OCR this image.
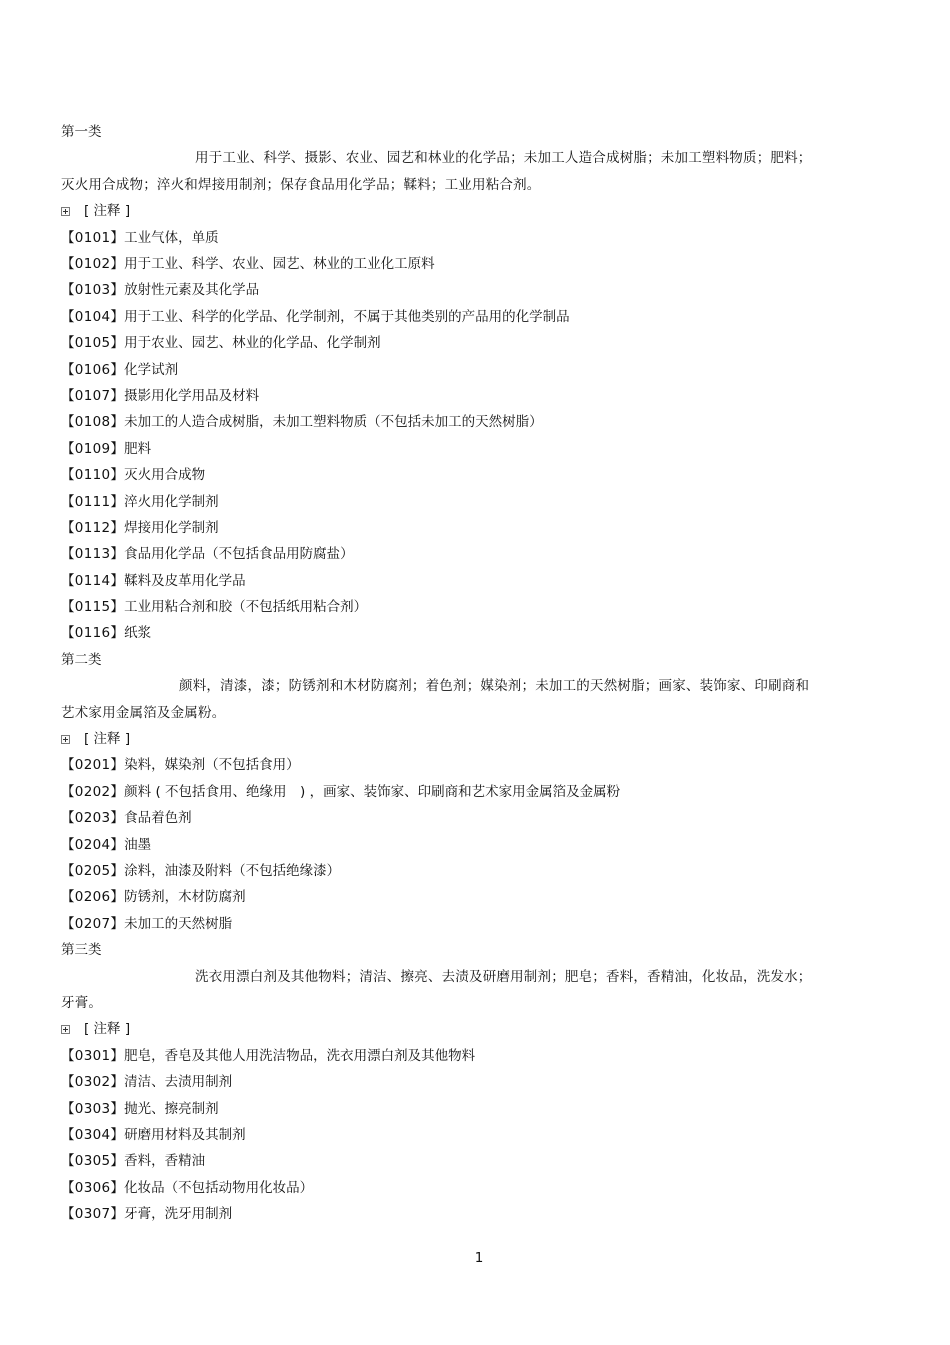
第一类
用于工业、科学、摄影、农业、园艺和林业的化学品；未加工人造合成树脂；未加工塑料物质；肥料；灭火用合成物；淬火和焊接用制剂；保存食品用化学品；鞣料；工业用粘合剂。
[ 注释 ]
【0101】工业气体，单质
【0102】用于工业、科学、农业、园艺、林业的工业化工原料
【0103】放射性元素及其化学品
【0104】用于工业、科学的化学品、化学制剂，不属于其他类别的产品用的化学制品
【0105】用于农业、园艺、林业的化学品、化学制剂
【0106】化学试剂
【0107】摄影用化学用品及材料
【0108】未加工的人造合成树脂，未加工塑料物质（不包括未加工的天然树脂）
【0109】肥料
【0110】灭火用合成物
【0111】淬火用化学制剂
【0112】焊接用化学制剂
【0113】食品用化学品（不包括食品用防腐盐）
【0114】鞣料及皮革用化学品
【0115】工业用粘合剂和胶（不包括纸用粘合剂）
【0116】纸浆
第二类
颜料，清漆，漆；防锈剂和木材防腐剂；着色剂；媒染剂；未加工的天然树脂；画家、装饰家、印刷商和艺术家用金属箔及金属粉。
[ 注释 ]
【0201】染料，媒染剂（不包括食用）
【0202】颜料 ( 不包括食用、绝缘用　) ，画家、装饰家、印刷商和艺术家用金属箔及金属粉
【0203】食品着色剂
【0204】油墨
【0205】涂料，油漆及附料（不包括绝缘漆）
【0206】防锈剂，木材防腐剂
【0207】未加工的天然树脂
第三类
洗衣用漂白剂及其他物料；清洁、擦亮、去渍及研磨用制剂；肥皂；香料，香精油，化妆品，洗发水；牙膏。
[ 注释 ]
【0301】肥皂，香皂及其他人用洗洁物品，洗衣用漂白剂及其他物料
【0302】清洁、去渍用制剂
【0303】抛光、擦亮制剂
【0304】研磨用材料及其制剂
【0305】香料，香精油
【0306】化妆品（不包括动物用化妆品）
【0307】牙膏，洗牙用制剂
1
